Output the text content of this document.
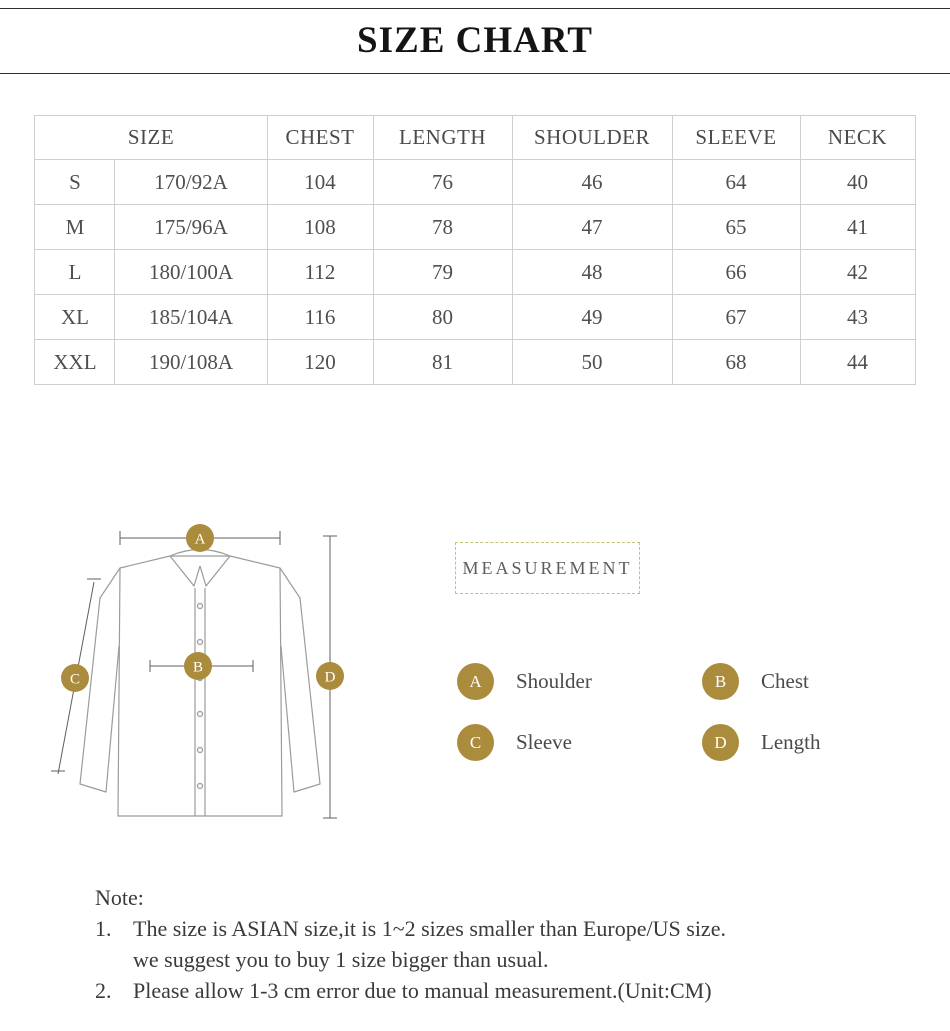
SIZE CHART
SIZE		CHEST	LENGTH	SHOULDER	SLEEVE	NECK
S	170/92A	104	76	46	64	40
M	175/96A	108	78	47	65	41
L	180/100A	112	79	48	66	42
XL	185/104A	116	80	49	67	43
XXL	190/108A	120	81	50	68	44
A
B
C	D
MEASUREMENT
A	Shoulder	B	Chest
C	Sleeve	D	Length
Note:
1. The size is ASIAN size,it is 1~2 sizes smaller than Europe/US size.
we suggest you to buy 1 size bigger than usual.
2. Please allow 1-3 cm error due to manual measurement.(Unit:CM)
